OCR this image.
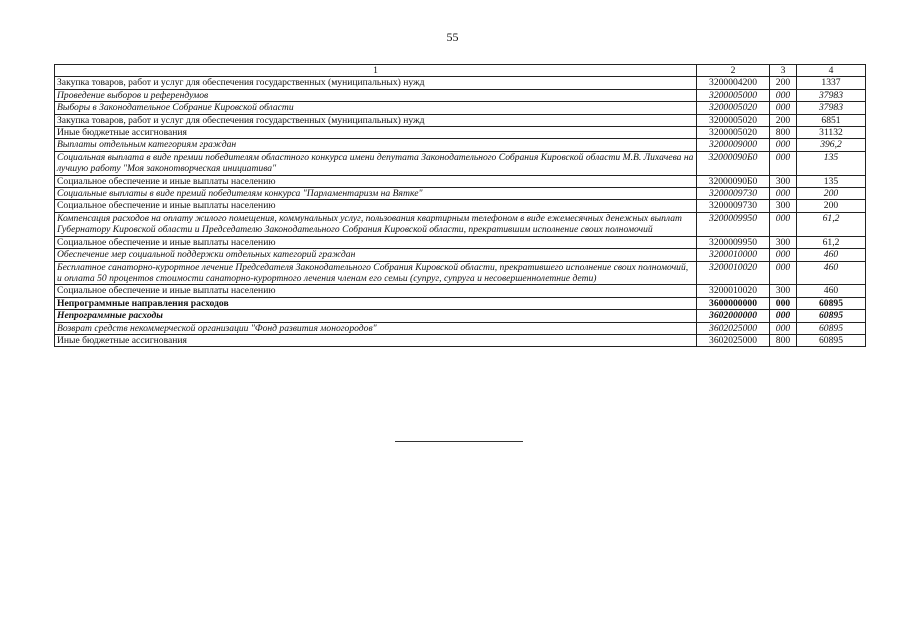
55
1	2	3	4
Закупка товаров, работ и услуг для обеспечения государственных (муниципальных) нужд	3200004200	200	1337
Проведение выборов и референдумов	3200005000	000	37983
Выборы в Законодательное Собрание Кировской области	3200005020	000	37983
Закупка товаров, работ и услуг для обеспечения государственных (муниципальных) нужд	3200005020	200	6851
Иные бюджетные ассигнования	3200005020	800	31132
Выплаты отдельным категориям граждан	3200009000	000	396,2
Социальная выплата в виде премии победителям областного конкурса имени депутата Законодательного Собрания Кировской области М.В. Лихачева на лучшую работу "Моя законотворческая инициатива"	32000090Б0	000	135
Социальное обеспечение и иные выплаты населению	32000090Б0	300	135
Социальные выплаты в виде премий победителям конкурса "Парламентаризм на Вятке"	3200009730	000	200
Социальное обеспечение и иные выплаты населению	3200009730	300	200
Компенсация расходов на оплату жилого помещения, коммунальных услуг, пользования квартирным телефоном в виде ежемесячных денежных выплат Губернатору Кировской области и Председателю Законодательного Собрания Кировской области, прекратившим исполнение своих полномочий	3200009950	000	61,2
Социальное обеспечение и иные выплаты населению	3200009950	300	61,2
Обеспечение мер социальной поддержки отдельных категорий граждан	3200010000	000	460
Бесплатное санаторно-курортное лечение Председателя Законодательного Собрания Кировской области, прекратившего исполнение своих полномочий, и оплата 50 процентов стоимости санаторно-курортного лечения членам его семьи (супруг, супруга и несовершеннолетние дети)	3200010020	000	460
Социальное обеспечение и иные выплаты населению	3200010020	300	460
Непрограммные направления расходов	3600000000	000	60895
Непрограммные расходы	3602000000	000	60895
Возврат средств некоммерческой организации "Фонд развития моногородов"	3602025000	000	60895
Иные бюджетные ассигнования	3602025000	800	60895
